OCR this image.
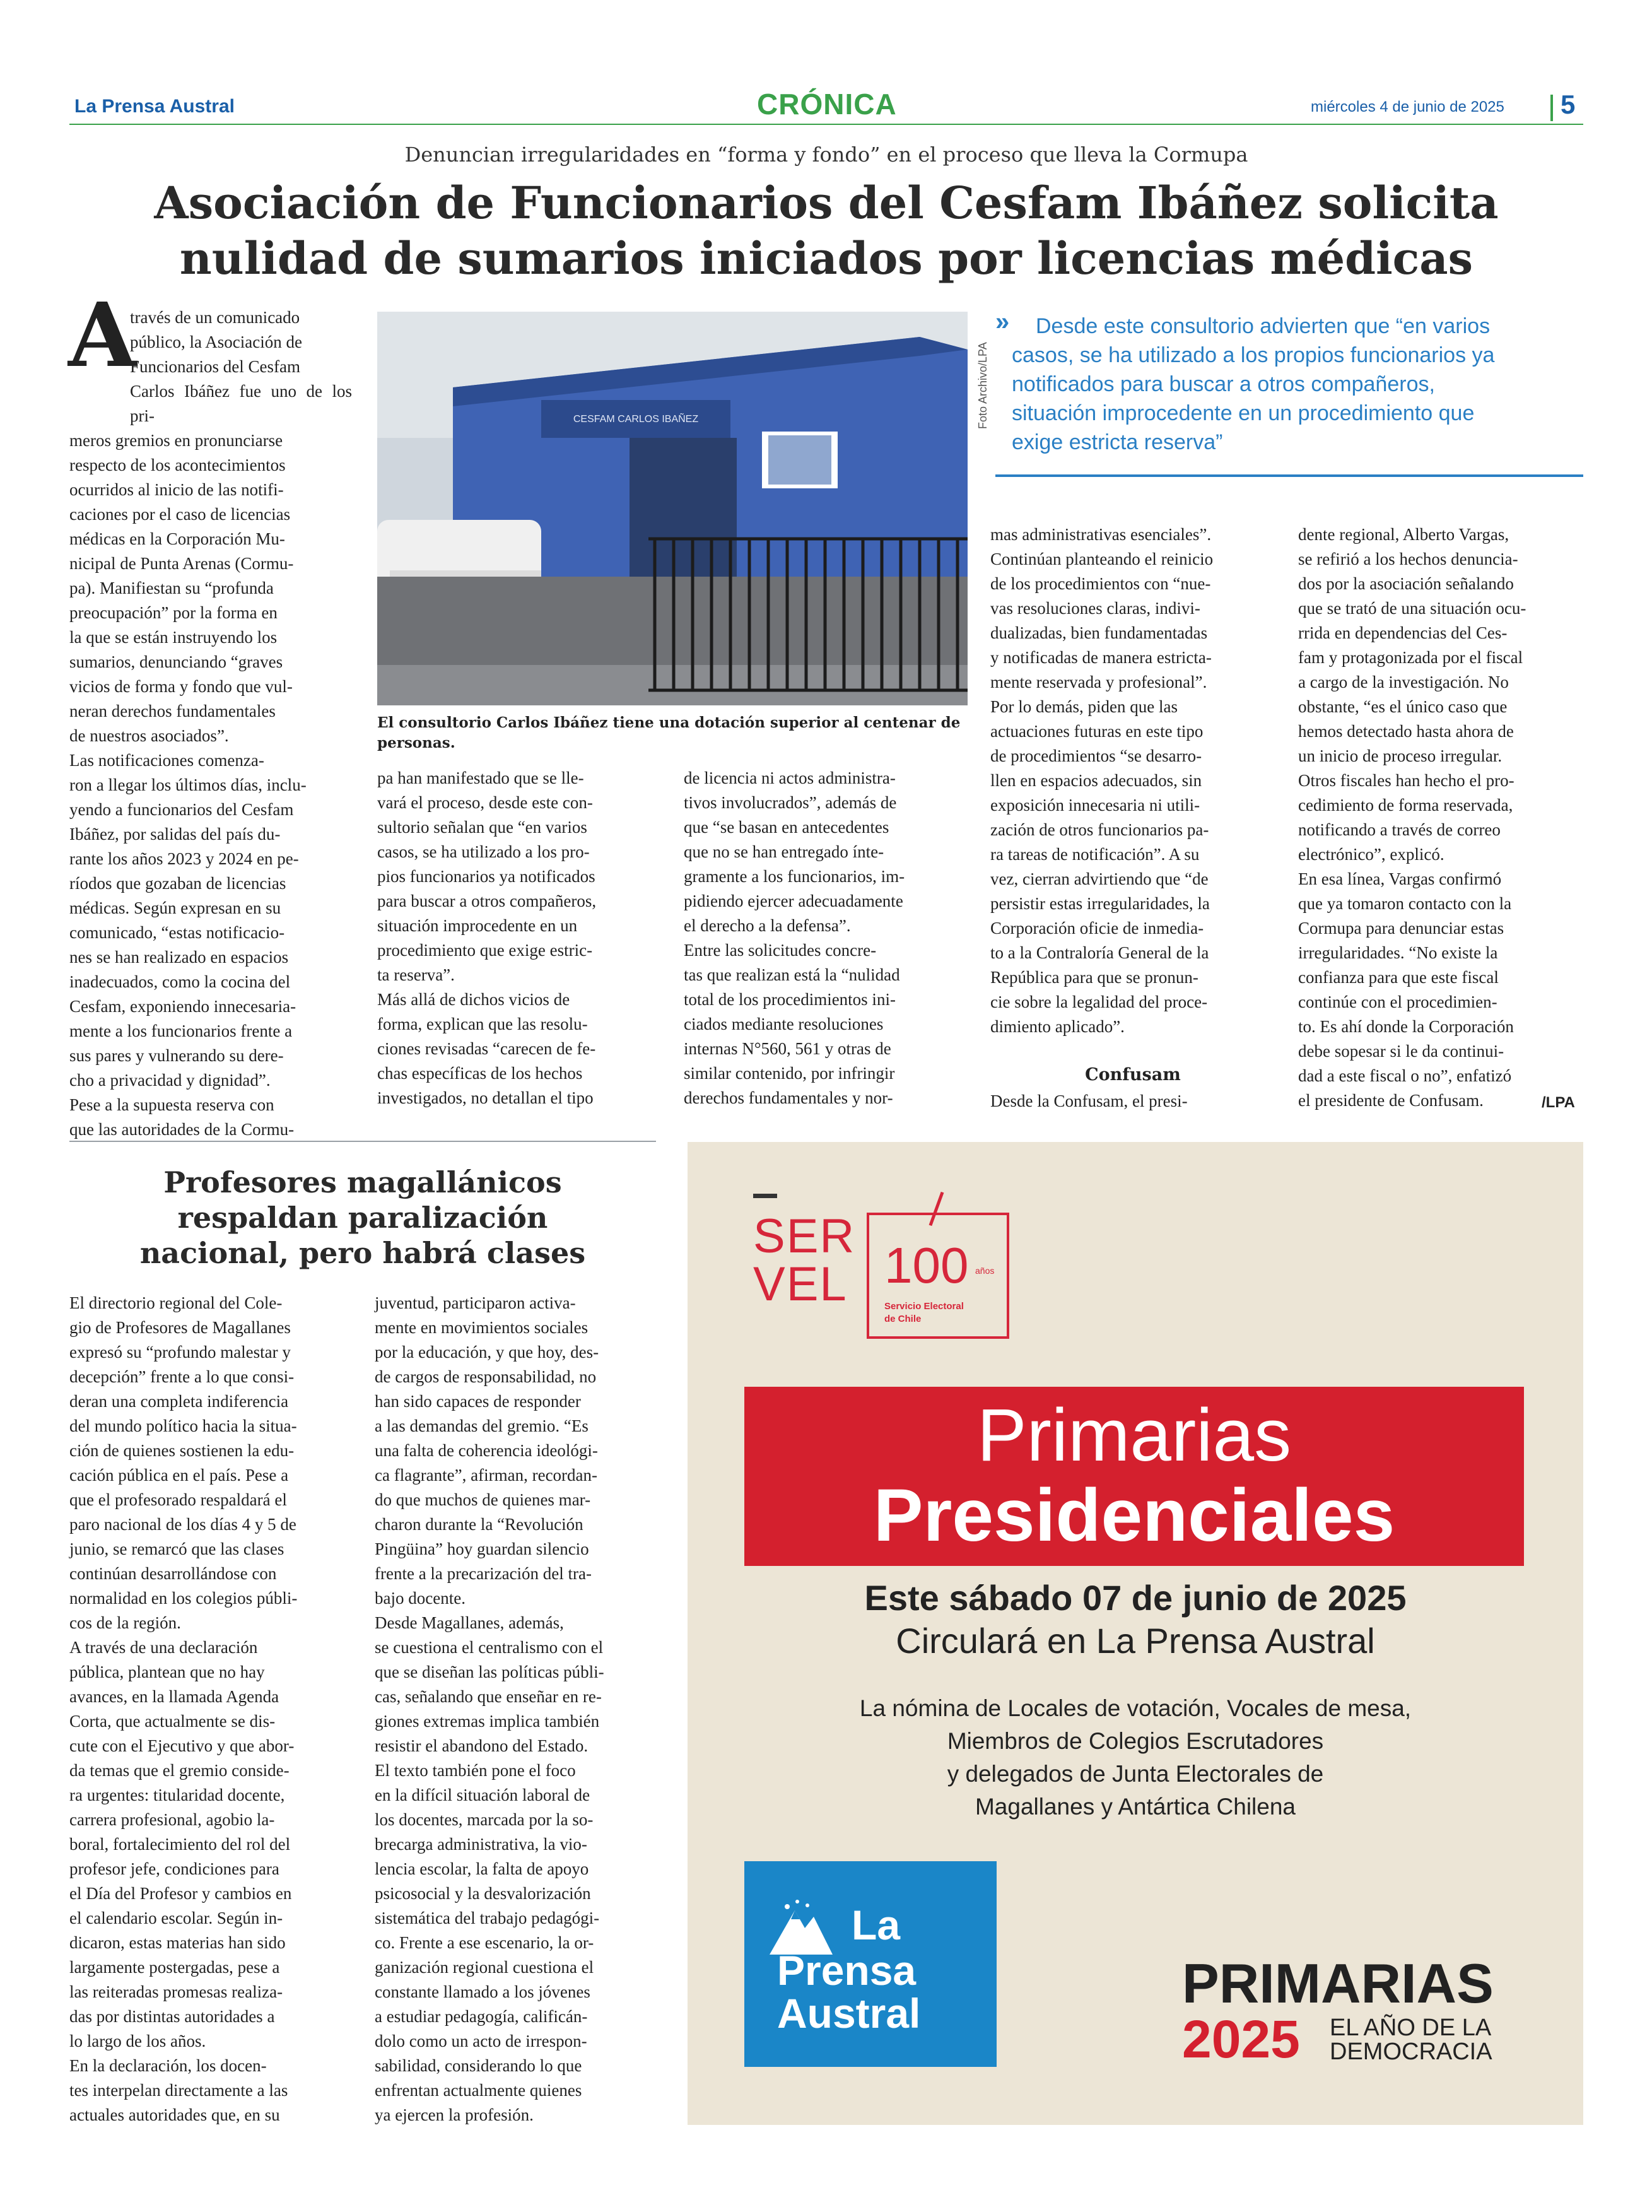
La Prensa Austral	CRÓNICA	miércoles 4 de junio de 2025 5
Denuncian irregularidades en “forma y fondo” en el proceso que lleva la Cormupa
Asociación de Funcionarios del Cesfam Ibáñez solicita
nulidad de sumarios iniciados por licencias médicas
A
través de un comunicado
público, la Asociación de
Funcionarios del Cesfam
Carlos Ibáñez fue uno de los pri-
meros gremios en pronunciarse
respecto de los acontecimientos
ocurridos al inicio de las notifi-
caciones por el caso de licencias
médicas en la Corporación Mu-
nicipal de Punta Arenas (Cormu-
pa). Manifiestan su “profunda
preocupación” por la forma en
la que se están instruyendo los
sumarios, denunciando “graves
vicios de forma y fondo que vul-
neran derechos fundamentales
de nuestros asociados”.
Las notificaciones comenza-
ron a llegar los últimos días, inclu-
yendo a funcionarios del Cesfam
Ibáñez, por salidas del país du-
rante los años 2023 y 2024 en pe-
ríodos que gozaban de licencias
médicas. Según expresan en su
comunicado, “estas notificacio-
nes se han realizado en espacios
inadecuados, como la cocina del
Cesfam, exponiendo innecesaria-
mente a los funcionarios frente a
sus pares y vulnerando su dere-
cho a privacidad y dignidad”.
Pese a la supuesta reserva con
que las autoridades de la Cormu-
CESFAM CARLOS IBAÑEZ	Foto Archivo/LPA
El consultorio Carlos Ibáñez tiene una dotación superior al centenar de personas.
»	Desde este consultorio advierten que “en varios casos, se ha utilizado a los propios funcionarios ya notificados para buscar a otros compañeros, situación improcedente en un procedimiento que exige estricta reserva”
pa han manifestado que se lle-
vará el proceso, desde este con-
sultorio señalan que “en varios
casos, se ha utilizado a los pro-
pios funcionarios ya notificados
para buscar a otros compañeros,
situación improcedente en un
procedimiento que exige estric-
ta reserva”.
Más allá de dichos vicios de
forma, explican que las resolu-
ciones revisadas “carecen de fe-
chas específicas de los hechos
investigados, no detallan el tipo
de licencia ni actos administra-
tivos involucrados”, además de
que “se basan en antecedentes
que no se han entregado ínte-
gramente a los funcionarios, im-
pidiendo ejercer adecuadamente
el derecho a la defensa”.
Entre las solicitudes concre-
tas que realizan está la “nulidad
total de los procedimientos ini-
ciados mediante resoluciones
internas N°560, 561 y otras de
similar contenido, por infringir
derechos fundamentales y nor-
mas administrativas esenciales”.
Continúan planteando el reinicio
de los procedimientos con “nue-
vas resoluciones claras, indivi-
dualizadas, bien fundamentadas
y notificadas de manera estricta-
mente reservada y profesional”.
Por lo demás, piden que las
actuaciones futuras en este tipo
de procedimientos “se desarro-
llen en espacios adecuados, sin
exposición innecesaria ni utili-
zación de otros funcionarios pa-
ra tareas de notificación”. A su
vez, cierran advirtiendo que “de
persistir estas irregularidades, la
Corporación oficie de inmedia-
to a la Contraloría General de la
República para que se pronun-
cie sobre la legalidad del proce-
dimiento aplicado”.
Confusam
Desde la Confusam, el presi-
dente regional, Alberto Vargas,
se refirió a los hechos denuncia-
dos por la asociación señalando
que se trató de una situación ocu-
rrida en dependencias del Ces-
fam y protagonizada por el fiscal
a cargo de la investigación. No
obstante, “es el único caso que
hemos detectado hasta ahora de
un inicio de proceso irregular.
Otros fiscales han hecho el pro-
cedimiento de forma reservada,
notificando a través de correo
electrónico”, explicó.
En esa línea, Vargas confirmó
que ya tomaron contacto con la
Cormupa para denunciar estas
irregularidades. “No existe la
confianza para que este fiscal
continúe con el procedimien-
to. Es ahí donde la Corporación
debe sopesar si le da continui-
dad a este fiscal o no”, enfatizó
el presidente de Confusam.	/LPA
Profesores magallánicos
respaldan paralización
nacional, pero habrá clases
El directorio regional del Cole-
gio de Profesores de Magallanes
expresó su “profundo malestar y
decepción” frente a lo que consi-
deran una completa indiferencia
del mundo político hacia la situa-
ción de quienes sostienen la edu-
cación pública en el país. Pese a
que el profesorado respaldará el
paro nacional de los días 4 y 5 de
junio, se remarcó que las clases
continúan desarrollándose con
normalidad en los colegios públi-
cos de la región.
A través de una declaración
pública, plantean que no hay
avances, en la llamada Agenda
Corta, que actualmente se dis-
cute con el Ejecutivo y que abor-
da temas que el gremio conside-
ra urgentes: titularidad docente,
carrera profesional, agobio la-
boral, fortalecimiento del rol del
profesor jefe, condiciones para
el Día del Profesor y cambios en
el calendario escolar. Según in-
dicaron, estas materias han sido
largamente postergadas, pese a
las reiteradas promesas realiza-
das por distintas autoridades a
lo largo de los años.
En la declaración, los docen-
tes interpelan directamente a las
actuales autoridades que, en su
juventud, participaron activa-
mente en movimientos sociales
por la educación, y que hoy, des-
de cargos de responsabilidad, no
han sido capaces de responder
a las demandas del gremio. “Es
una falta de coherencia ideológi-
ca flagrante”, afirman, recordan-
do que muchos de quienes mar-
charon durante la “Revolución
Pingüina” hoy guardan silencio
frente a la precarización del tra-
bajo docente.
Desde Magallanes, además,
se cuestiona el centralismo con el
que se diseñan las políticas públi-
cas, señalando que enseñar en re-
giones extremas implica también
resistir el abandono del Estado.
El texto también pone el foco
en la difícil situación laboral de
los docentes, marcada por la so-
brecarga administrativa, la vio-
lencia escolar, la falta de apoyo
psicosocial y la desvalorización
sistemática del trabajo pedagógi-
co. Frente a ese escenario, la or-
ganización regional cuestiona el
constante llamado a los jóvenes
a estudiar pedagogía, calificán-
dolo como un acto de irrespon-
sabilidad, considerando lo que
enfrentan actualmente quienes
ya ejercen la profesión.
SER
VEL 100 años
Servicio Electoral
de Chile
Primarias
Presidenciales
Este sábado 07 de junio de 2025
Circulará en La Prensa Austral
La nómina de Locales de votación, Vocales de mesa,
Miembros de Colegios Escrutadores
y delegados de Junta Electorales de
Magallanes y Antártica Chilena
La
Prensa
Austral	PRIMARIAS
2025 EL AÑO DE LA
DEMOCRACIA
